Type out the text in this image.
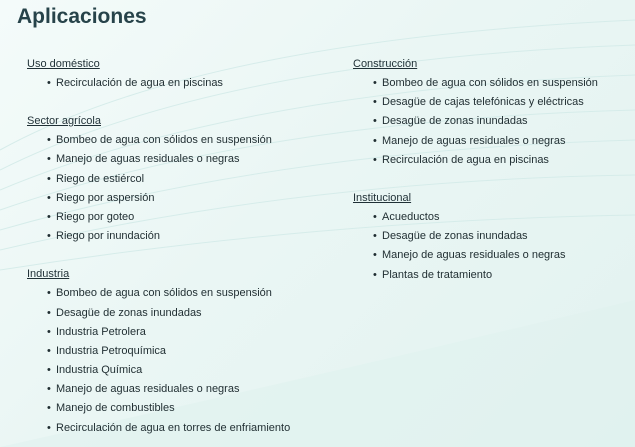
Aplicaciones
Uso doméstico
• Recirculación de agua en piscinas
Sector agrícola
• Bombeo de agua con sólidos en suspensión
• Manejo de aguas residuales o negras
• Riego de estiércol
• Riego por aspersión
• Riego por goteo
• Riego por inundación
Industria
• Bombeo de agua con sólidos en suspensión
• Desagüe de zonas inundadas
• Industria Petrolera
• Industria Petroquímica
• Industria Química
• Manejo de aguas residuales o negras
• Manejo de combustibles
• Recirculación de agua en torres de enfriamiento
Construcción
• Bombeo de agua con sólidos en suspensión
• Desagüe de cajas telefónicas y eléctricas
• Desagüe de zonas inundadas
• Manejo de aguas residuales o negras
• Recirculación de agua en piscinas
Institucional
• Acueductos
• Desagüe de zonas inundadas
• Manejo de aguas residuales o negras
• Plantas de tratamiento
